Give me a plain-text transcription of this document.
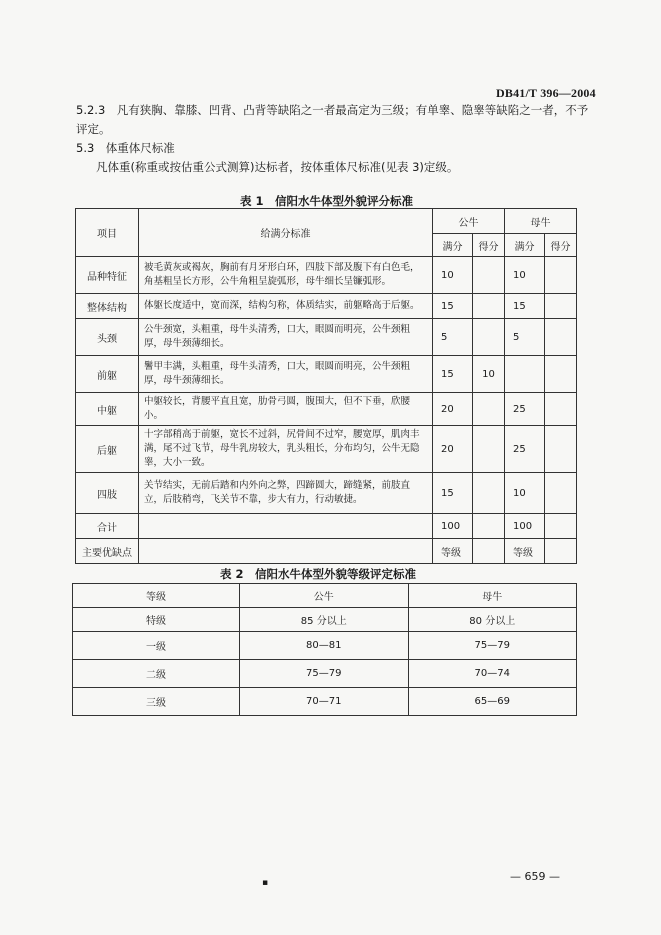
DB41/T 396—2004
5.2.3　凡有狭胸、靠膝、凹背、凸背等缺陷之一者最高定为三级；有单睾、隐睾等缺陷之一者，不予评定。
5.3　体重体尺标准
凡体重(称重或按估重公式测算)达标者，按体重体尺标准(见表 3)定级。
表 1　信阳水牛体型外貌评分标准
项目	给满分标准	公牛		母牛	
		满分	得分	满分	得分
品种特征	被毛黄灰或褐灰，胸前有月牙形白环，四肢下部及腹下有白色毛，角基粗呈长方形，公牛角粗呈旋弧形，母牛细长呈镰弧形。	10		10	
整体结构	体躯长度适中，宽而深，结构匀称，体质结实，前躯略高于后躯。	15		15	
头颈	公牛颈宽，头粗重，母牛头清秀，口大，眼圆而明亮，公牛颈粗厚，母牛颈薄细长。	5		5	
前躯	鬐甲丰满，头粗重，母牛头清秀，口大，眼圆而明亮，公牛颈粗厚，母牛颈薄细长。	15	10		
中躯	中躯较长，背腰平直且宽，肋骨弓圆，腹围大，但不下垂，欣腰小。	20		25	
后躯	十字部稍高于前躯，宽长不过斜，尻骨间不过窄，腰宽厚，肌肉丰满，尾不过飞节，母牛乳房较大，乳头粗长，分布均匀，公牛无隐睾，大小一致。	20		25	
四肢	关节结实，无前后踏和内外向之弊，四蹄圆大，蹄缝紧，前肢直立，后肢稍弯，飞关节不靠，步大有力，行动敏捷。	15		10	
合计		100		100	
主要优缺点		等级		等级	
表 2　信阳水牛体型外貌等级评定标准
等级	公牛	母牛
特级	85 分以上	80 分以上
一级	80—81	75—79
二级	75—79	70—74
三级	70—71	65—69
▪	— 659 —
